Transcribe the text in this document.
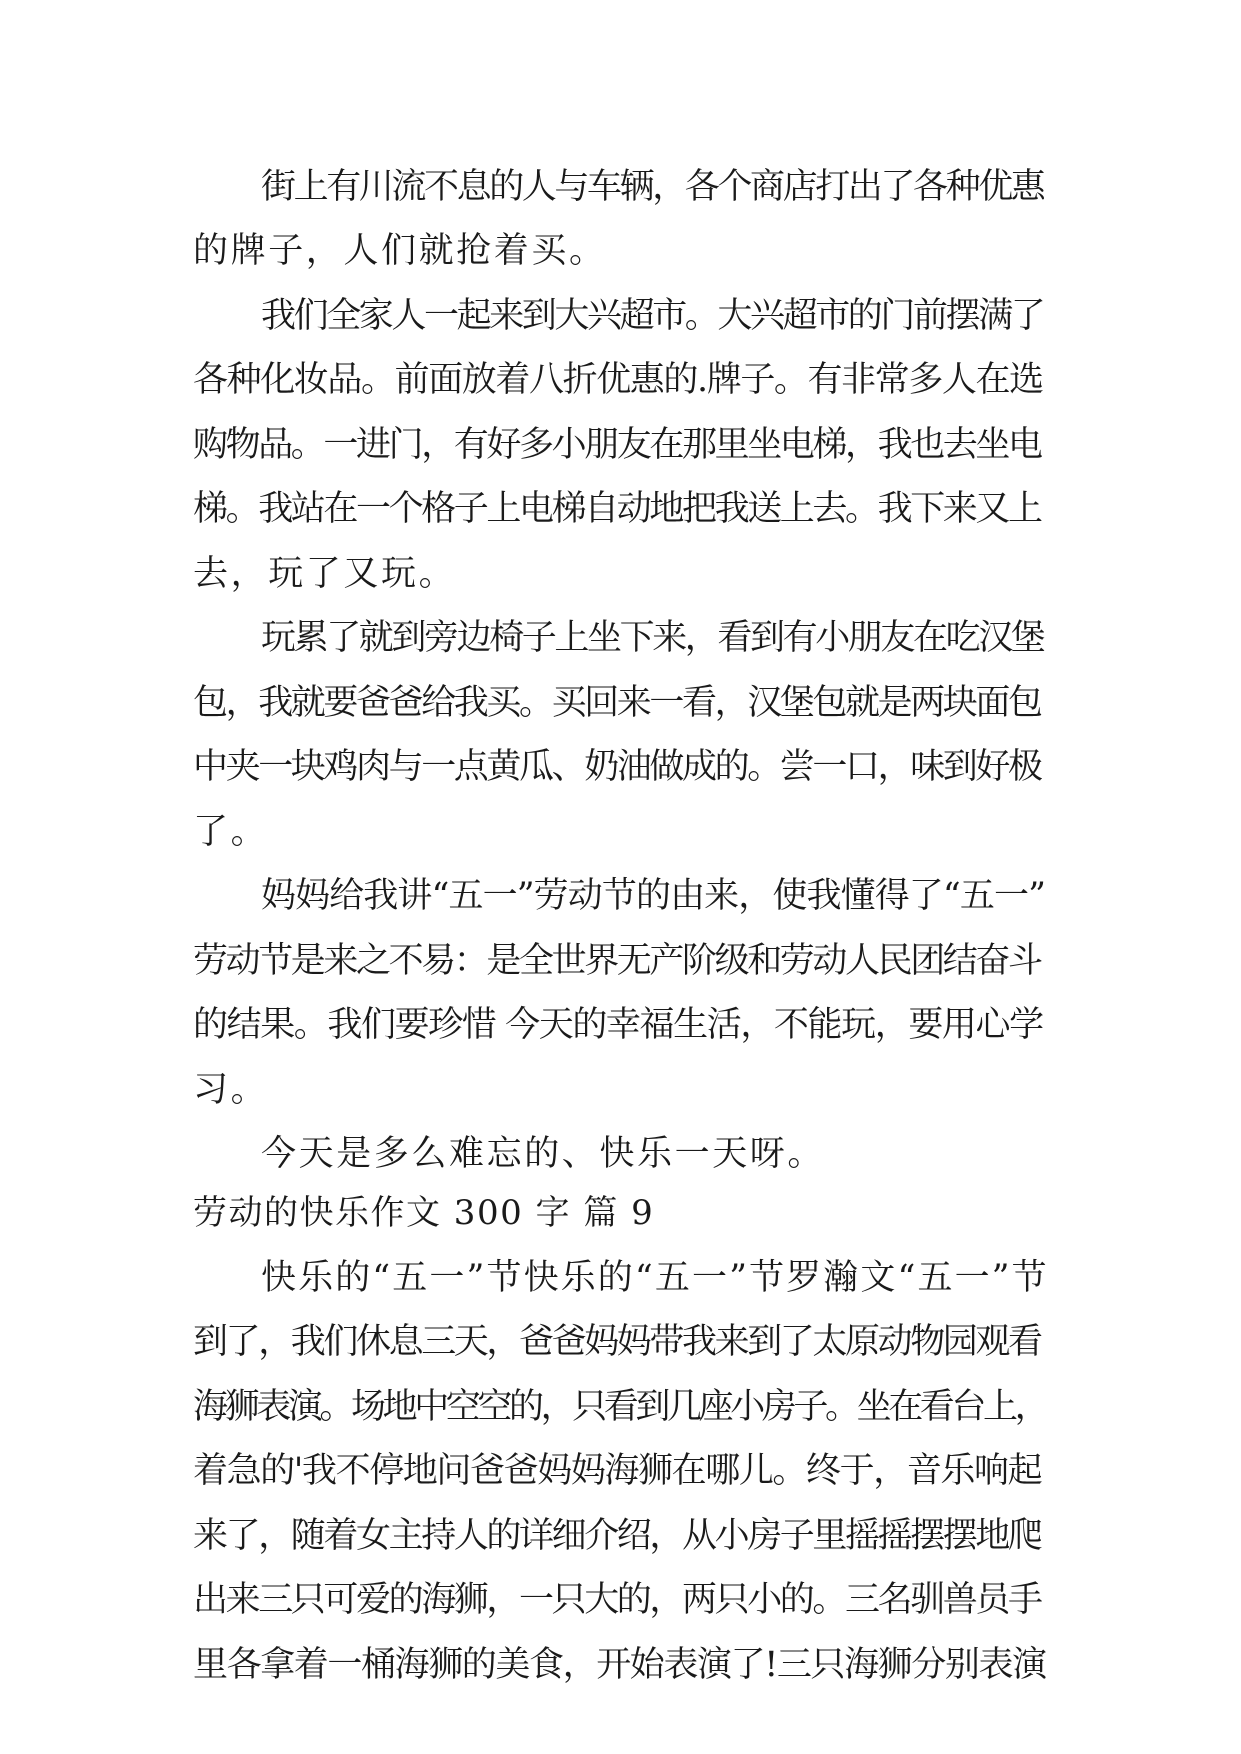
街上有川流不息的人与车辆，各个商店打出了各种优惠
的牌子，人们就抢着买。
我们全家人一起来到大兴超市。大兴超市的门前摆满了
各种化妆品。前面放着八折优惠的.牌子。有非常多人在选
购物品。一进门，有好多小朋友在那里坐电梯，我也去坐电
梯。我站在一个格子上电梯自动地把我送上去。我下来又上
去，玩了又玩。
玩累了就到旁边椅子上坐下来，看到有小朋友在吃汉堡
包，我就要爸爸给我买。买回来一看，汉堡包就是两块面包
中夹一块鸡肉与一点黄瓜、奶油做成的。尝一口，味到好极
了。
妈妈给我讲“五一”劳动节的由来，使我懂得了“五一”
劳动节是来之不易：是全世界无产阶级和劳动人民团结奋斗
的结果。我们要珍惜 今天的幸福生活，不能玩，要用心学
习。
今天是多么难忘的、快乐一天呀。
劳动的快乐作文 300 字 篇 9
快乐的“五一”节快乐的“五一”节罗瀚文“五一”节
到了，我们休息三天，爸爸妈妈带我来到了太原动物园观看
海狮表演。场地中空空的，只看到几座小房子。坐在看台上，
着急的'我不停地问爸爸妈妈海狮在哪儿。终于，音乐响起
来了，随着女主持人的详细介绍，从小房子里摇摇摆摆地爬
出来三只可爱的海狮，一只大的，两只小的。三名驯兽员手
里各拿着一桶海狮的美食，开始表演了!三只海狮分别表演
